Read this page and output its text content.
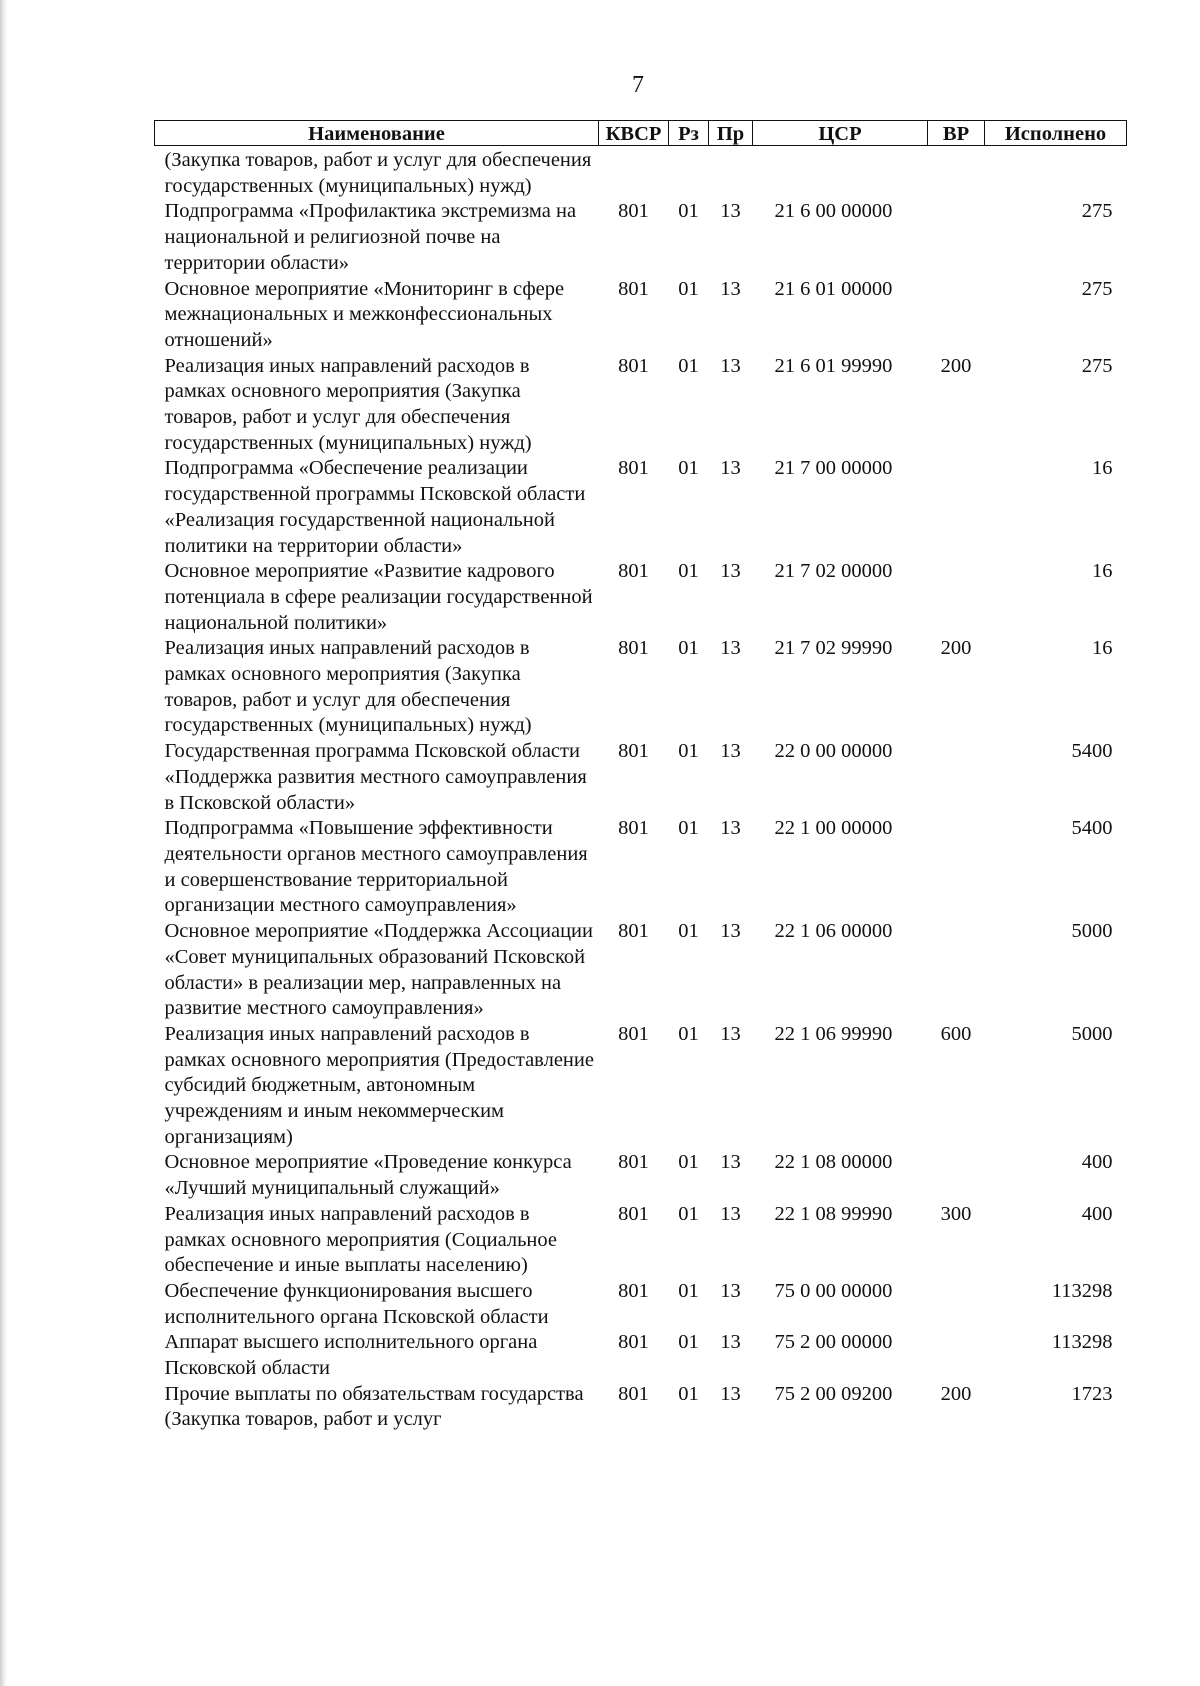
7
Наименование	КВСР	Рз	Пр	ЦСР	ВР	Исполнено
(Закупка товаров, работ и услуг для обеспечения государственных (муниципальных) нужд)						
Подпрограмма «Профилактика экстремизма на национальной и религиозной почве на территории области»	801	01	13	21 6 00 00000		275
Основное мероприятие «Мониторинг в сфере межнациональных и межконфессиональных отношений»	801	01	13	21 6 01 00000		275
Реализация иных направлений расходов в рамках основного мероприятия (Закупка товаров, работ и услуг для обеспечения государственных (муниципальных) нужд)	801	01	13	21 6 01 99990	200	275
Подпрограмма «Обеспечение реализации государственной программы Псковской области «Реализация государственной национальной политики на территории области»	801	01	13	21 7 00 00000		16
Основное мероприятие «Развитие кадрового потенциала в сфере реализации государственной национальной политики»	801	01	13	21 7 02 00000		16
Реализация иных направлений расходов в рамках основного мероприятия (Закупка товаров, работ и услуг для обеспечения государственных (муниципальных) нужд)	801	01	13	21 7 02 99990	200	16
Государственная программа Псковской области «Поддержка развития местного самоуправления в Псковской области»	801	01	13	22 0 00 00000		5400
Подпрограмма «Повышение эффективности деятельности органов местного самоуправления и совершенствование территориальной организации местного самоуправления»	801	01	13	22 1 00 00000		5400
Основное мероприятие «Поддержка Ассоциации «Совет муниципальных образований Псковской области» в реализации мер, направленных на развитие местного самоуправления»	801	01	13	22 1 06 00000		5000
Реализация иных направлений расходов в рамках основного мероприятия (Предоставление субсидий бюджетным, автономным учреждениям и иным некоммерческим организациям)	801	01	13	22 1 06 99990	600	5000
Основное мероприятие «Проведение конкурса «Лучший муниципальный служащий»	801	01	13	22 1 08 00000		400
Реализация иных направлений расходов в рамках основного мероприятия (Социальное обеспечение и иные выплаты населению)	801	01	13	22 1 08 99990	300	400
Обеспечение функционирования высшего исполнительного органа Псковской области	801	01	13	75 0 00 00000		113298
Аппарат высшего исполнительного органа Псковской области	801	01	13	75 2 00 00000		113298
Прочие выплаты по обязательствам государства (Закупка товаров, работ и услуг	801	01	13	75 2 00 09200	200	1723
